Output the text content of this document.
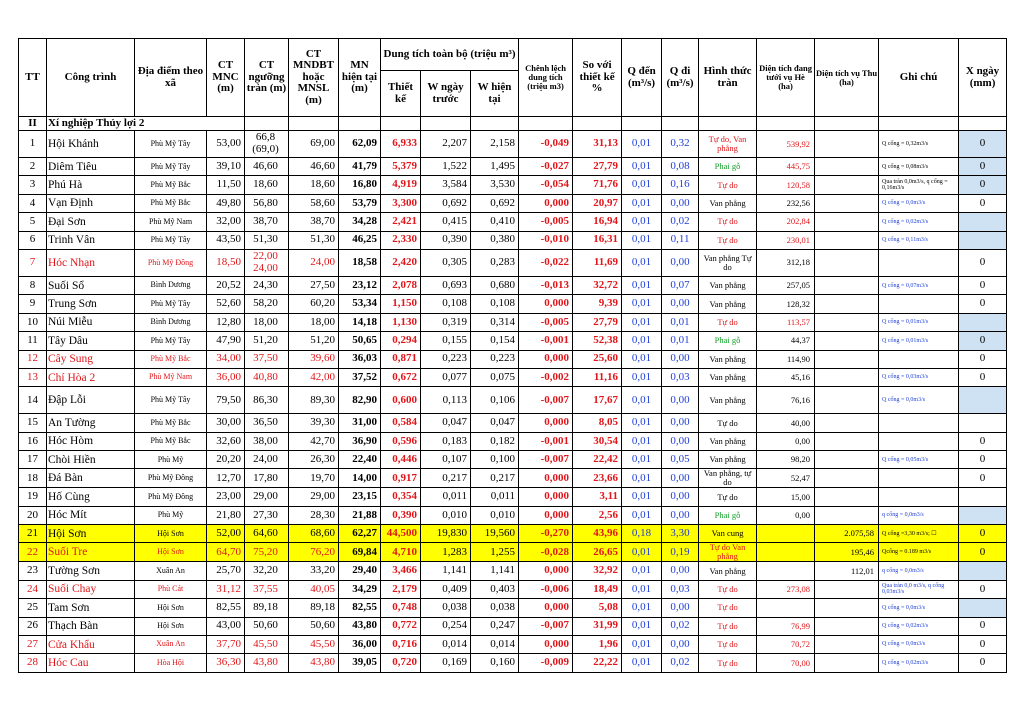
TT	Công trình	Địa điểm theo xã	CT MNC (m)	CT ngưỡng tràn (m)	CT MNDBT hoặc MNSL (m)	MN hiện tại (m)	Dung tích toàn bộ (triệu m³)			Chênh lệch dung tích (triệu m3)	So với thiết kế %	Q đến (m³/s)	Q đi (m³/s)	Hình thức tràn	Diện tích đang tưới vụ Hè (ha)	Diện tích vụ Thu (ha)	Ghi chú	X ngày (mm)
							Thiết kế	W ngày trước	W hiện tại									
II	Xí nghiệp Thủy lợi 2																	
1	Hội Khánh	Phù Mỹ Tây	53,00	66,8 (69,0)	69,00	62,09	6,933	2,207	2,158	-0,049	31,13	0,01	0,32	Tự do, Van phẳng	539,92		Q cống = 0,32m3/s	0
2	Diêm Tiêu	Phù Mỹ Tây	39,10	46,60	46,60	41,79	5,379	1,522	1,495	-0,027	27,79	0,01	0,08	Phai gỗ	445,75		Q cống = 0,08m3/s	0
3	Phú Hà	Phù Mỹ Bắc	11,50	18,60	18,60	16,80	4,919	3,584	3,530	-0,054	71,76	0,01	0,16	Tự do	120,58		Qua tràn 0,0m3/s, q cống = 0,16m3/s	0
4	Vạn Định	Phù Mỹ Bắc	49,80	56,80	58,60	53,79	3,300	0,692	0,692	0,000	20,97	0,01	0,00	Van phẳng	232,56		Q cống = 0,0m3/s	0
5	Đại Sơn	Phù Mỹ Nam	32,00	38,70	38,70	34,28	2,421	0,415	0,410	-0,005	16,94	0,01	0,02	Tự do	202,84		Q cống = 0,02m3/s	
6	Trinh Vân	Phù Mỹ Tây	43,50	51,30	51,30	46,25	2,330	0,390	0,380	-0,010	16,31	0,01	0,11	Tự do	230,01		Q cống = 0,11m3/s	
7	Hóc Nhạn	Phù Mỹ Đông	18,50	22,00 24,00	24,00	18,58	2,420	0,305	0,283	-0,022	11,69	0,01	0,00	Van phẳng Tự do	312,18			0
8	Suối Sổ	Bình Dương	20,52	24,30	27,50	23,12	2,078	0,693	0,680	-0,013	32,72	0,01	0,07	Van phẳng	257,05		Q cống = 0,07m3/s	0
9	Trung Sơn	Phù Mỹ Tây	52,60	58,20	60,20	53,34	1,150	0,108	0,108	0,000	9,39	0,01	0,00	Van phẳng	128,32			0
10	Núi Miễu	Bình Dương	12,80	18,00	18,00	14,18	1,130	0,319	0,314	-0,005	27,79	0,01	0,01	Tự do	113,57		Q cống = 0,01m3/s	
11	Tây Dâu	Phù Mỹ Tây	47,90	51,20	51,20	50,65	0,294	0,155	0,154	-0,001	52,38	0,01	0,01	Phai gỗ	44,37		Q cống = 0,01m3/s	0
12	Cây Sung	Phù Mỹ Bắc	34,00	37,50	39,60	36,03	0,871	0,223	0,223	0,000	25,60	0,01	0,00	Van phẳng	114,90			0
13	Chí Hòa 2	Phù Mỹ Nam	36,00	40,80	42,00	37,52	0,672	0,077	0,075	-0,002	11,16	0,01	0,03	Van phẳng	45,16		Q cống = 0,03m3/s	0
14	Đập Lỗi	Phù Mỹ Tây	79,50	86,30	89,30	82,90	0,600	0,113	0,106	-0,007	17,67	0,01	0,00	Van phẳng	76,16		Q cống = 0,0m3/s	
15	An Tường	Phù Mỹ Bắc	30,00	36,50	39,30	31,00	0,584	0,047	0,047	0,000	8,05	0,01	0,00	Tự do	40,00			
16	Hóc Hòm	Phù Mỹ Bắc	32,60	38,00	42,70	36,90	0,596	0,183	0,182	-0,001	30,54	0,01	0,00	Van phẳng	0,00			0
17	Chòi Hiền	Phù Mỹ	20,20	24,00	26,30	22,40	0,446	0,107	0,100	-0,007	22,42	0,01	0,05	Van phẳng	98,20		Q cống = 0,05m3/s	0
18	Đá Bàn	Phù Mỹ Đông	12,70	17,80	19,70	14,00	0,917	0,217	0,217	0,000	23,66	0,01	0,00	Van phẳng, tự do	52,47			0
19	Hố Cùng	Phù Mỹ Đông	23,00	29,00	29,00	23,15	0,354	0,011	0,011	0,000	3,11	0,01	0,00	Tự do	15,00			
20	Hóc Mít	Phù Mỹ	21,80	27,30	28,30	21,88	0,390	0,010	0,010	0,000	2,56	0,01	0,00	Phai gỗ	0,00		q cống = 0,0m3/s	
21	Hội Sơn	Hội Sơn	52,00	64,60	68,60	62,27	44,500	19,830	19,560	-0,270	43,96	0,18	3,30	Van cung		2.075,58	Q cống =3,30 m3/s; ☐	0
22	Suối Tre	Hội Sơn	64,70	75,20	76,20	69,84	4,710	1,283	1,255	-0,028	26,65	0,01	0,19	Tự do Van phẳng		195,46	Qcống = 0.189 m3/s	0
23	Tường Sơn	Xuân An	25,70	32,20	33,20	29,40	3,466	1,141	1,141	0,000	32,92	0,01	0,00	Van phẳng		112,01	q cống = 0,0m3/s	
24	Suối Chay	Phù Cát	31,12	37,55	40,05	34,29	2,179	0,409	0,403	-0,006	18,49	0,01	0,03	Tự do	273,08		Qua tràn 0,0 m3/s, q cống 0,03m3/s	0
25	Tam Sơn	Hội Sơn	82,55	89,18	89,18	82,55	0,748	0,038	0,038	0,000	5,08	0,01	0,00	Tự do			Q cống = 0,0m3/s	
26	Thạch Bàn	Hội Sơn	43,00	50,60	50,60	43,80	0,772	0,254	0,247	-0,007	31,99	0,01	0,02	Tự do	76,99		Q cống = 0,02m3/s	0
27	Cửa Khẩu	Xuân An	37,70	45,50	45,50	36,00	0,716	0,014	0,014	0,000	1,96	0,01	0,00	Tự do	70,72		Q cống = 0,0m3/s	0
28	Hóc Cau	Hòa Hội	36,30	43,80	43,80	39,05	0,720	0,169	0,160	-0,009	22,22	0,01	0,02	Tự do	70,00		Q cống = 0,02m3/s	0
